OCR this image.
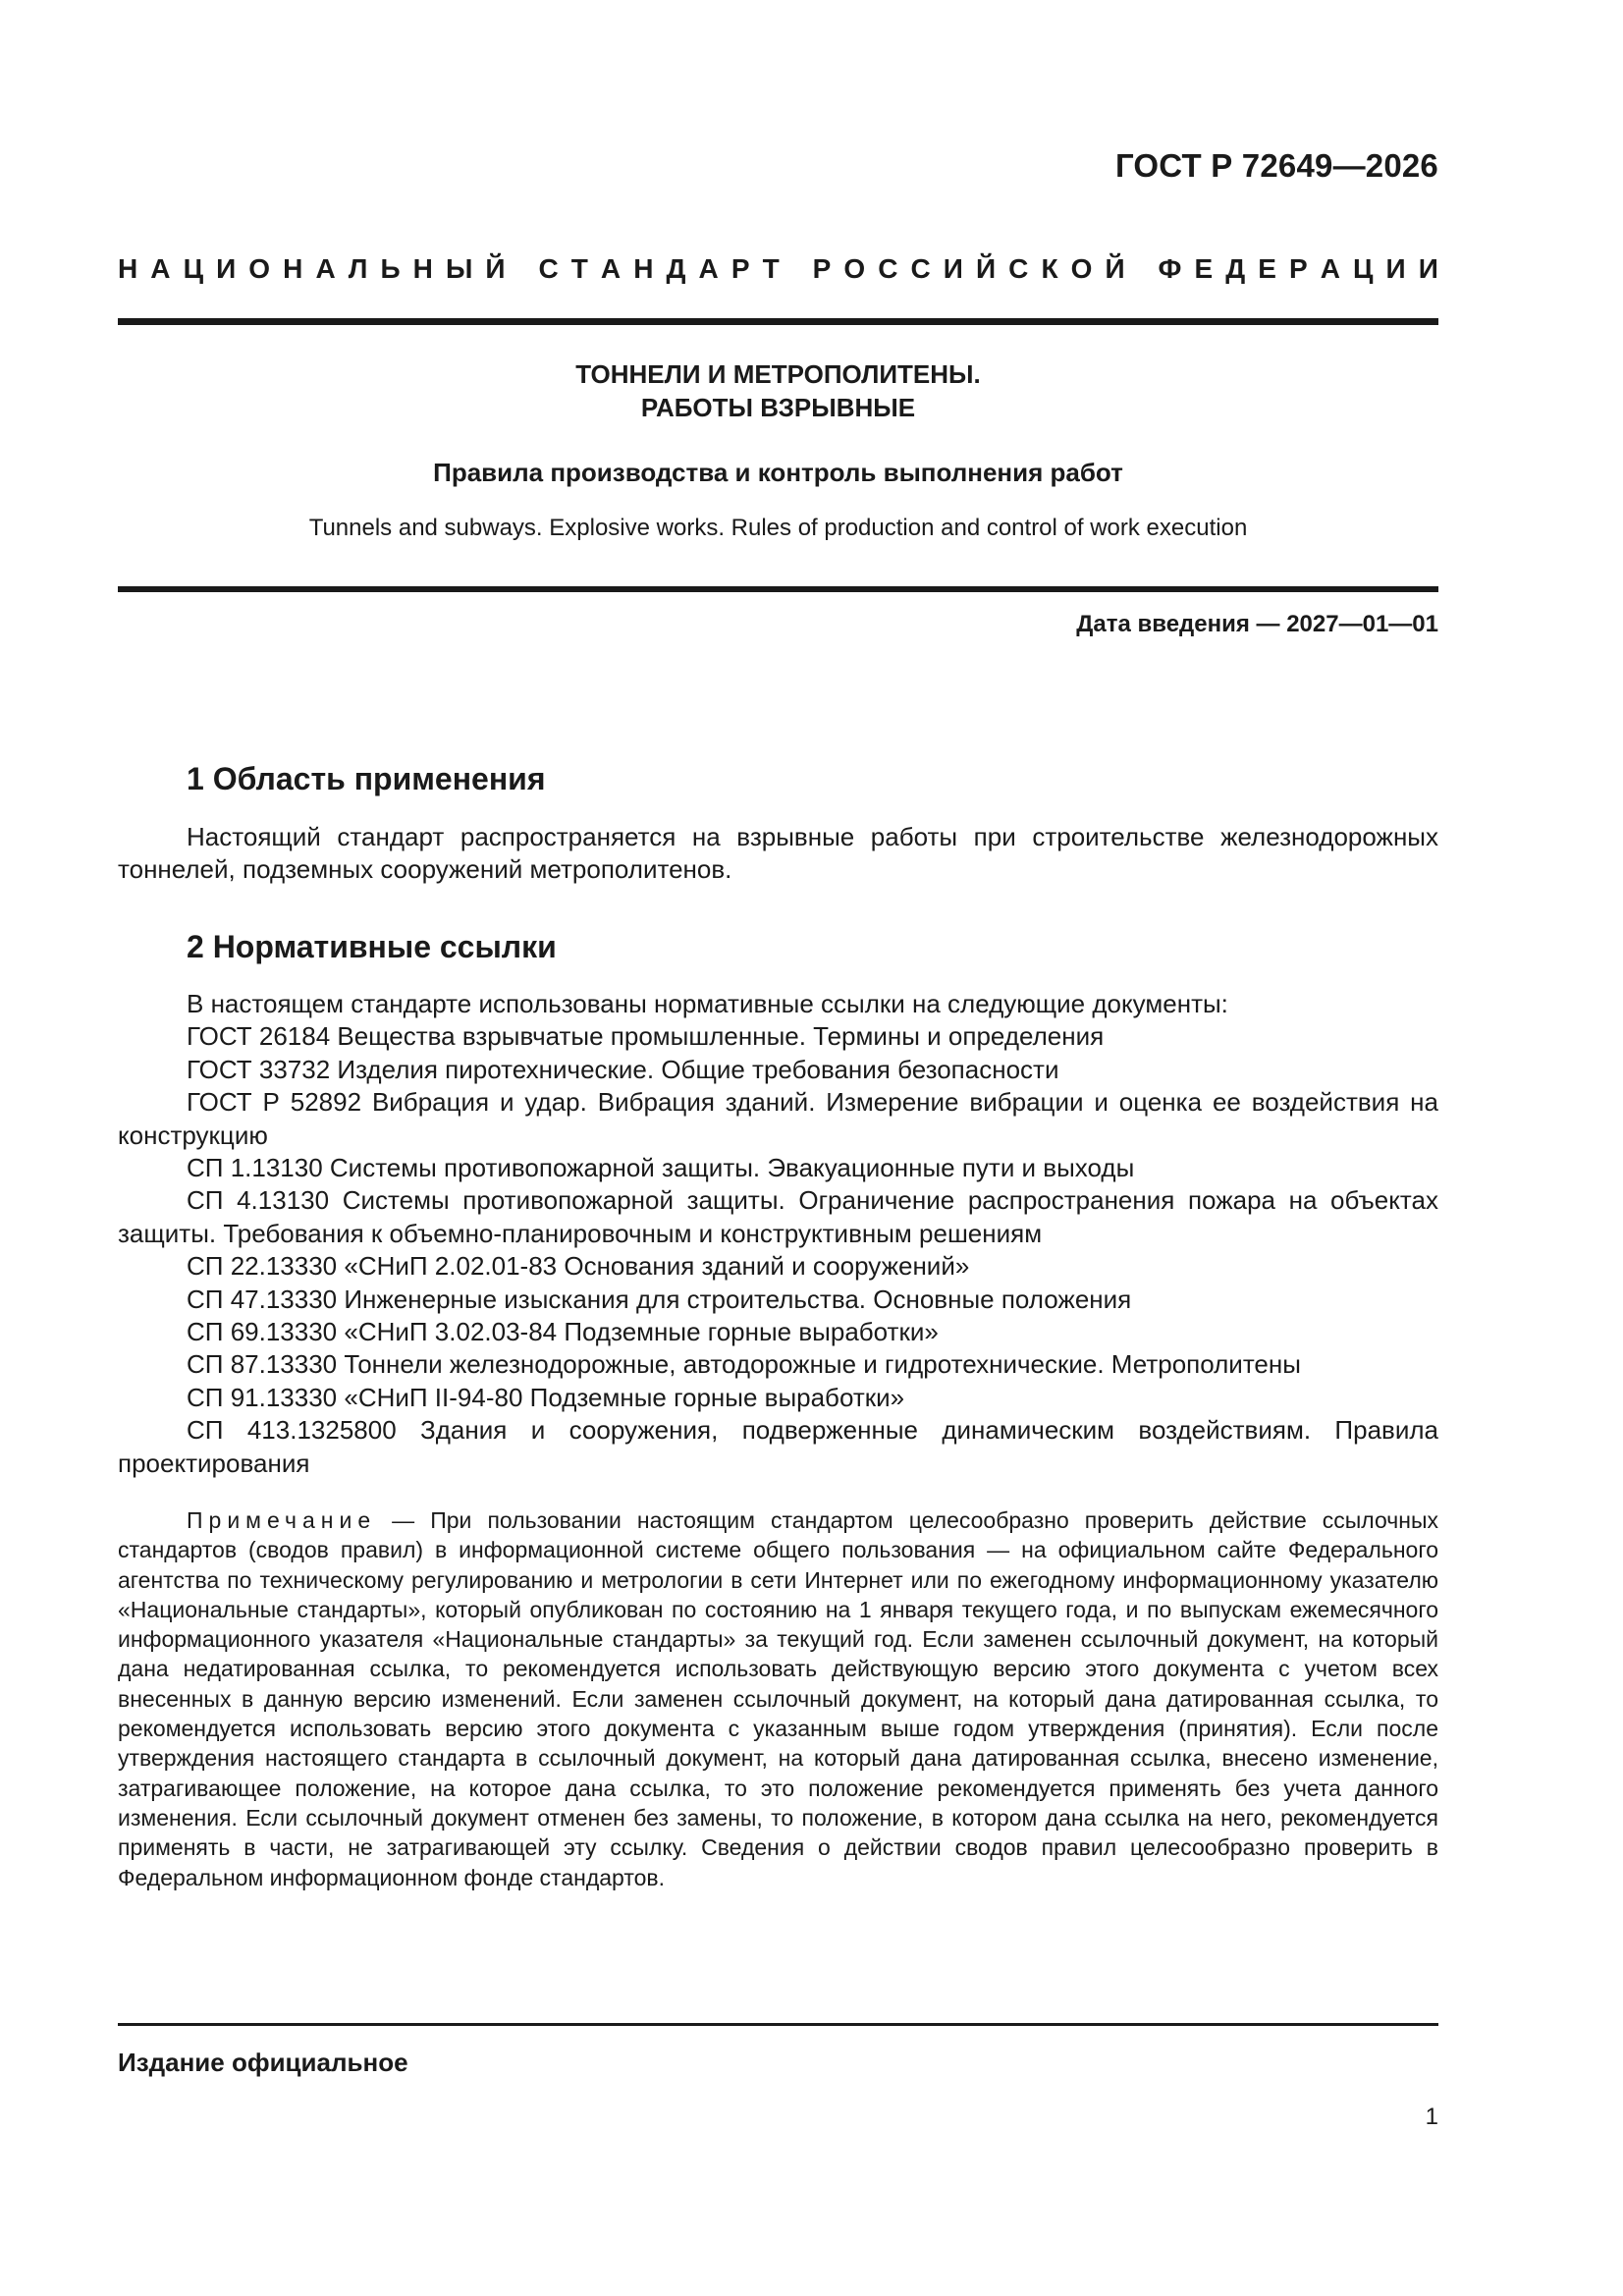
ГОСТ Р 72649—2026
Н А Ц И О Н А Л Ь Н Ы Й
С Т А Н Д А Р Т
Р О С С И Й С К О Й
Ф Е Д Е Р А Ц И И
ТОННЕЛИ И МЕТРОПОЛИТЕНЫ.
РАБОТЫ ВЗРЫВНЫЕ
Правила производства и контроль выполнения работ
Tunnels and subways. Explosive works. Rules of production and control of work execution
Дата введения — 2027—01—01
1 Область применения
Настоящий стандарт распространяется на взрывные работы при строительстве железнодорожных тоннелей, подземных сооружений метрополитенов.
2 Нормативные ссылки

В настоящем стандарте использованы нормативные ссылки на следующие документы:

ГОСТ 26184 Вещества взрывчатые промышленные. Термины и определения

ГОСТ 33732 Изделия пиротехнические. Общие требования безопасности

ГОСТ Р 52892 Вибрация и удар. Вибрация зданий. Измерение вибрации и оценка ее воздействия на конструкцию

СП 1.13130 Системы противопожарной защиты. Эвакуационные пути и выходы

СП 4.13130 Системы противопожарной защиты. Ограничение распространения пожара на объектах защиты. Требования к объемно-планировочным и конструктивным решениям

СП 22.13330 «СНиП 2.02.01-83 Основания зданий и сооружений»

СП 47.13330 Инженерные изыскания для строительства. Основные положения

СП 69.13330 «СНиП 3.02.03-84 Подземные горные выработки»

СП 87.13330 Тоннели железнодорожные, автодорожные и гидротехнические. Метрополитены

СП 91.13330 «СНиП II-94-80 Подземные горные выработки»

СП 413.1325800 Здания и сооружения, подверженные динамическим воздействиям. Правила проектирования

Примечание — При пользовании настоящим стандартом целесообразно проверить действие ссылочных стандартов (сводов правил) в информационной системе общего пользования — на официальном сайте Федерального агентства по техническому регулированию и метрологии в сети Интернет или по ежегодному информационному указателю «Национальные стандарты», который опубликован по состоянию на 1 января текущего года, и по выпускам ежемесячного информационного указателя «Национальные стандарты» за текущий год. Если заменен ссылочный документ, на который дана недатированная ссылка, то рекомендуется использовать действующую версию этого документа с учетом всех внесенных в данную версию изменений. Если заменен ссылочный документ, на который дана датированная ссылка, то рекомендуется использовать версию этого документа с указанным выше годом утверждения (принятия). Если после утверждения настоящего стандарта в ссылочный документ, на который дана датированная ссылка, внесено изменение, затрагивающее положение, на которое дана ссылка, то это положение рекомендуется применять без учета данного изменения. Если ссылочный документ отменен без замены, то положение, в котором дана ссылка на него, рекомендуется применять в части, не затрагивающей эту ссылку. Сведения о действии сводов правил целесообразно проверить в Федеральном информационном фонде стандартов.
Издание официальное
1
